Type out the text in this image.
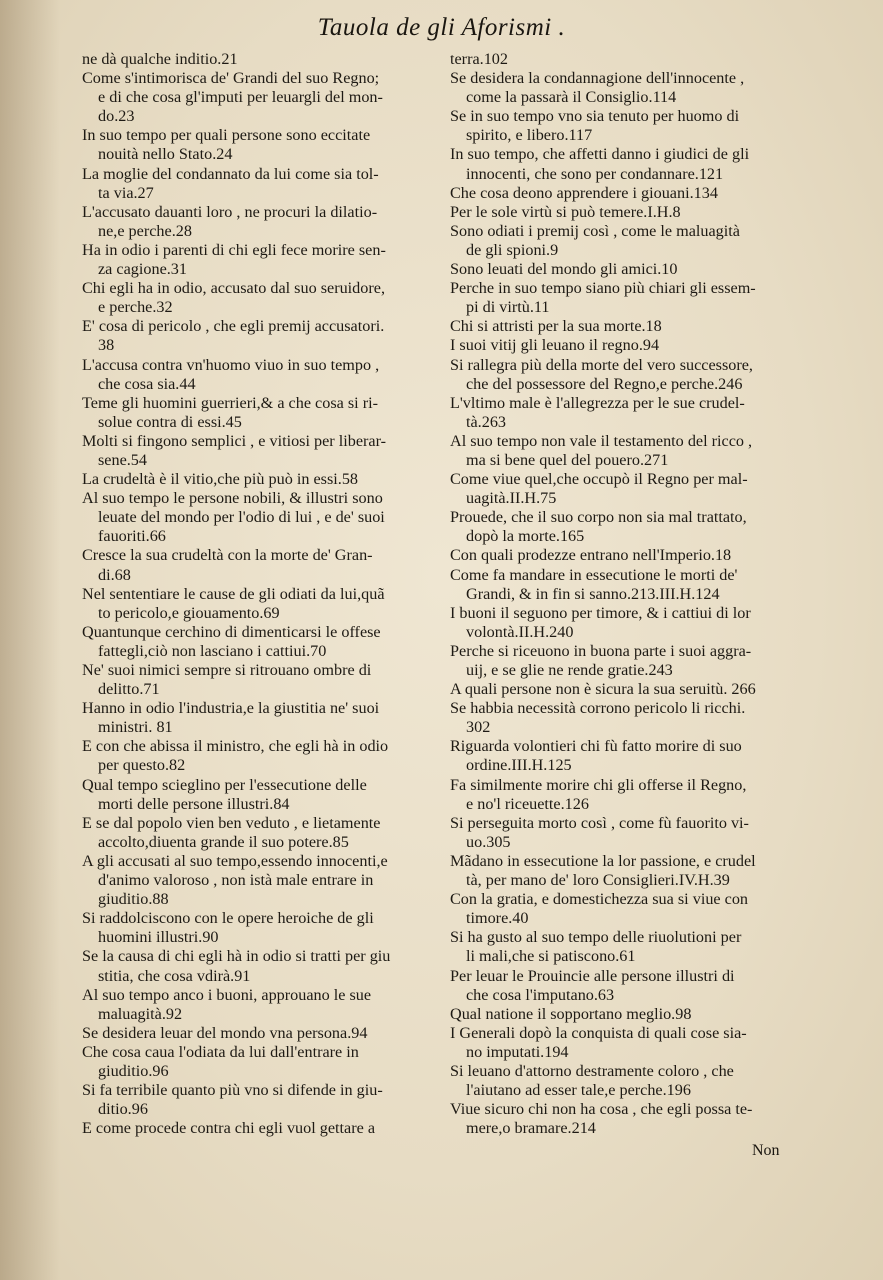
Tauola de gli Aforismi .
ne dà qualche inditio.21
Come s'intimorisca de' Grandi del suo Regno;
e di che cosa gl'imputi per leuargli del mon-
do.23
In suo tempo per quali persone sono eccitate
nouità nello Stato.24
La moglie del condannato da lui come sia tol-
ta via.27
L'accusato dauanti loro , ne procuri la dilatio-
ne,e perche.28
Ha in odio i parenti di chi egli fece morire sen-
za cagione.31
Chi egli ha in odio, accusato dal suo seruidore,
e perche.32
E' cosa di pericolo , che egli premij accusatori.
38
L'accusa contra vn'huomo viuo in suo tempo ,
che cosa sia.44
Teme gli huomini guerrieri,& a che cosa si ri-
solue contra di essi.45
Molti si fingono semplici , e vitiosi per liberar-
sene.54
La crudeltà è il vitio,che più può in essi.58
Al suo tempo le persone nobili, & illustri sono
leuate del mondo per l'odio di lui , e de' suoi
fauoriti.66
Cresce la sua crudeltà con la morte de' Gran-
di.68
Nel sententiare le cause de gli odiati da lui,quã
to pericolo,e giouamento.69
Quantunque cerchino di dimenticarsi le offese
fattegli,ciò non lasciano i cattiui.70
Ne' suoi nimici sempre si ritrouano ombre di
delitto.71
Hanno in odio l'industria,e la giustitia ne' suoi
ministri. 81
E con che abissa il ministro, che egli hà in odio
per questo.82
Qual tempo scieglino per l'essecutione delle
morti delle persone illustri.84
E se dal popolo vien ben veduto , e lietamente
accolto,diuenta grande il suo potere.85
A gli accusati al suo tempo,essendo innocenti,e
d'animo valoroso , non istà male entrare in
giuditio.88
Si raddolciscono con le opere heroiche de gli
huomini illustri.90
Se la causa di chi egli hà in odio si tratti per giu
stitia, che cosa vdirà.91
Al suo tempo anco i buoni, approuano le sue
maluagità.92
Se desidera leuar del mondo vna persona.94
Che cosa caua l'odiata da lui dall'entrare in
giuditio.96
Si fa terribile quanto più vno si difende in giu-
ditio.96
E come procede contra chi egli vuol gettare a
terra.102
Se desidera la condannagione dell'innocente ,
come la passarà il Consiglio.114
Se in suo tempo vno sia tenuto per huomo di
spirito, e libero.117
In suo tempo, che affetti danno i giudici de gli
innocenti, che sono per condannare.121
Che cosa deono apprendere i giouani.134
Per le sole virtù si può temere.I.H.8
Sono odiati i premij così , come le maluagità
de gli spioni.9
Sono leuati del mondo gli amici.10
Perche in suo tempo siano più chiari gli essem-
pi di virtù.11
Chi si attristi per la sua morte.18
I suoi vitij gli leuano il regno.94
Si rallegra più della morte del vero successore,
che del possessore del Regno,e perche.246
L'vltimo male è l'allegrezza per le sue crudel-
tà.263
Al suo tempo non vale il testamento del ricco ,
ma si bene quel del pouero.271
Come viue quel,che occupò il Regno per mal-
uagità.II.H.75
Prouede, che il suo corpo non sia mal trattato,
dopò la morte.165
Con quali prodezze entrano nell'Imperio.18
Come fa mandare in essecutione le morti de'
Grandi, & in fin si sanno.213.III.H.124
I buoni il seguono per timore, & i cattiui di lor
volontà.II.H.240
Perche si riceuono in buona parte i suoi aggra-
uij, e se glie ne rende gratie.243
A quali persone non è sicura la sua seruitù. 266
Se habbia necessità corrono pericolo li ricchi.
302
Riguarda volontieri chi fù fatto morire di suo
ordine.III.H.125
Fa similmente morire chi gli offerse il Regno,
e no'l riceuette.126
Si perseguita morto così , come fù fauorito vi-
uo.305
Mãdano in essecutione la lor passione, e crudel
tà, per mano de' loro Consiglieri.IV.H.39
Con la gratia, e domestichezza sua si viue con
timore.40
Si ha gusto al suo tempo delle riuolutioni per
li mali,che si patiscono.61
Per leuar le Prouincie alle persone illustri di
che cosa l'imputano.63
Qual natione il sopportano meglio.98
I Generali dopò la conquista di quali cose sia-
no imputati.194
Si leuano d'attorno destramente coloro , che
l'aiutano ad esser tale,e perche.196
Viue sicuro chi non ha cosa , che egli possa te-
mere,o bramare.214
Non
